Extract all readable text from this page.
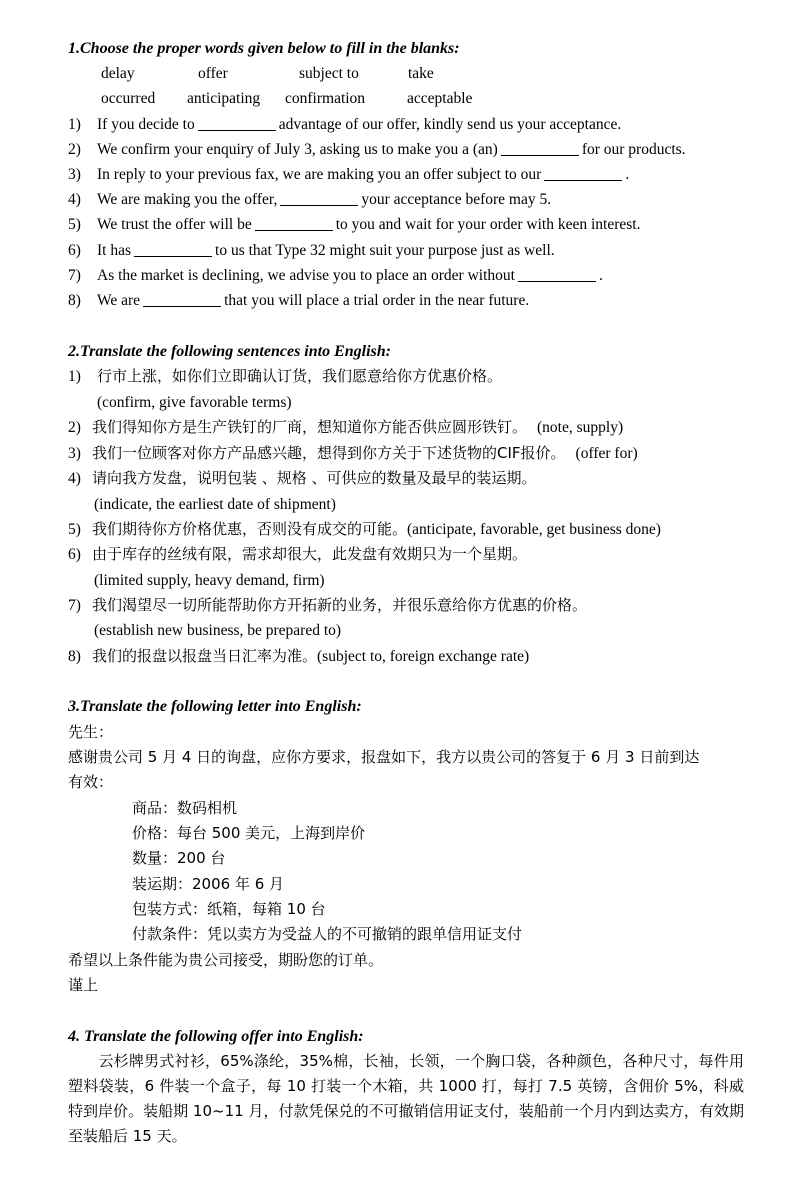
1.Choose the proper words given below to fill in the blanks:
delay	offer	subject to	take
occurred anticipating confirmation	acceptable
1) If you decide to	advantage of our offer, kindly send us your acceptance.
2) We confirm your enquiry of July 3, asking us to make you a (an)	for our products.
3) In reply to your previous fax, we are making you an offer subject to our	.
4) We are making you the offer,	your acceptance before may 5.
5) We trust the offer will be	to you and wait for your order with keen interest.
6) It has	to us that Type 32 might suit your purpose just as well.
7) As the market is declining, we advise you to place an order without	.
8) We are	that you will place a trial order in the near future.
2.Translate the following sentences into English:
1) 行市上涨，如你们立即确认订货，我们愿意给你方优惠价格。
(confirm, give favorable terms)
2) 我们得知你方是生产铁钉的厂商，想知道你方能否供应圆形铁钉。 (note, supply)
3) 我们一位顾客对你方产品感兴趣，想得到你方关于下述货物的CIF报价。 (offer for)
4) 请向我方发盘，说明包装 、规格 、可供应的数量及最早的装运期。
(indicate, the earliest date of shipment)
5) 我们期待你方价格优惠，否则没有成交的可能。(anticipate, favorable, get business done)
6) 由于库存的丝绒有限，需求却很大，此发盘有效期只为一个星期。
(limited supply, heavy demand, firm)
7) 我们渴望尽一切所能帮助你方开拓新的业务，并很乐意给你方优惠的价格。
(establish new business, be prepared to)
8) 我们的报盘以报盘当日汇率为准。(subject to, foreign exchange rate)
3.Translate the following letter into English:
先生：
感谢贵公司 5 月 4 日的询盘，应你方要求，报盘如下，我方以贵公司的答复于 6 月 3 日前到达
有效：
商品：数码相机
价格：每台 500 美元，上海到岸价
数量：200 台
装运期：2006 年 6 月
包装方式：纸箱，每箱 10 台
付款条件：凭以卖方为受益人的不可撤销的跟单信用证支付
希望以上条件能为贵公司接受，期盼您的订单。
谨上
4. Translate the following offer into English:
　　云杉牌男式衬衫，65%涤纶，35%棉，长袖，长领，一个胸口袋，各种颜色，各种尺寸，每件用塑料袋装，6 件装一个盒子，每 10 打装一个木箱，共 1000 打，每打 7.5 英镑，含佣价 5%，科威特到岸价。装船期 10~11 月，付款凭保兑的不可撤销信用证支付，装船前一个月内到达卖方，有效期至装船后 15 天。
